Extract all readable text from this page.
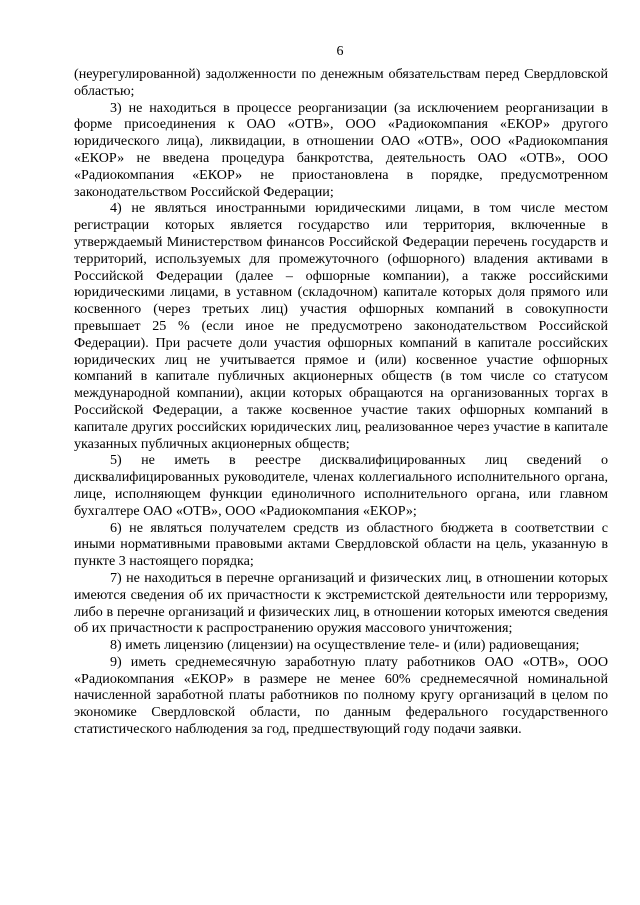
6

(неурегулированной) задолженности по денежным обязательствам перед Свердловской областью;

3) не находиться в процессе реорганизации (за исключением реорганизации в форме присоединения к ОАО «ОТВ», ООО «Радиокомпания «ЕКОР» другого юридического лица), ликвидации, в отношении ОАО «ОТВ», ООО «Радиокомпания «ЕКОР» не введена процедура банкротства, деятельность ОАО «ОТВ», ООО «Радиокомпания «ЕКОР» не приостановлена в порядке, предусмотренном законодательством Российской Федерации;

4) не являться иностранными юридическими лицами, в том числе местом регистрации которых является государство или территория, включенные в утверждаемый Министерством финансов Российской Федерации перечень государств и территорий, используемых для промежуточного (офшорного) владения активами в Российской Федерации (далее – офшорные компании), а также российскими юридическими лицами, в уставном (складочном) капитале которых доля прямого или косвенного (через третьих лиц) участия офшорных компаний в совокупности превышает 25 % (если иное не предусмотрено законодательством Российской Федерации). При расчете доли участия офшорных компаний в капитале российских юридических лиц не учитывается прямое и (или) косвенное участие офшорных компаний в капитале публичных акционерных обществ (в том числе со статусом международной компании), акции которых обращаются на организованных торгах в Российской Федерации, а также косвенное участие таких офшорных компаний в капитале других российских юридических лиц, реализованное через участие в капитале указанных публичных акционерных обществ;

5) не иметь в реестре дисквалифицированных лиц сведений о дисквалифицированных руководителе, членах коллегиального исполнительного органа, лице, исполняющем функции единоличного исполнительного органа, или главном бухгалтере ОАО «ОТВ», ООО «Радиокомпания «ЕКОР»;

6) не являться получателем средств из областного бюджета в соответствии с иными нормативными правовыми актами Свердловской области на цель, указанную в пункте 3 настоящего порядка;

7) не находиться в перечне организаций и физических лиц, в отношении которых имеются сведения об их причастности к экстремистской деятельности или терроризму, либо в перечне организаций и физических лиц, в отношении которых имеются сведения об их причастности к распространению оружия массового уничтожения;

8) иметь лицензию (лицензии) на осуществление теле- и (или) радиовещания;

9) иметь среднемесячную заработную плату работников ОАО «ОТВ», ООО «Радиокомпания «ЕКОР» в размере не менее 60% среднемесячной номинальной начисленной заработной платы работников по полному кругу организаций в целом по экономике Свердловской области, по данным федерального государственного статистического наблюдения за год, предшествующий году подачи заявки.
